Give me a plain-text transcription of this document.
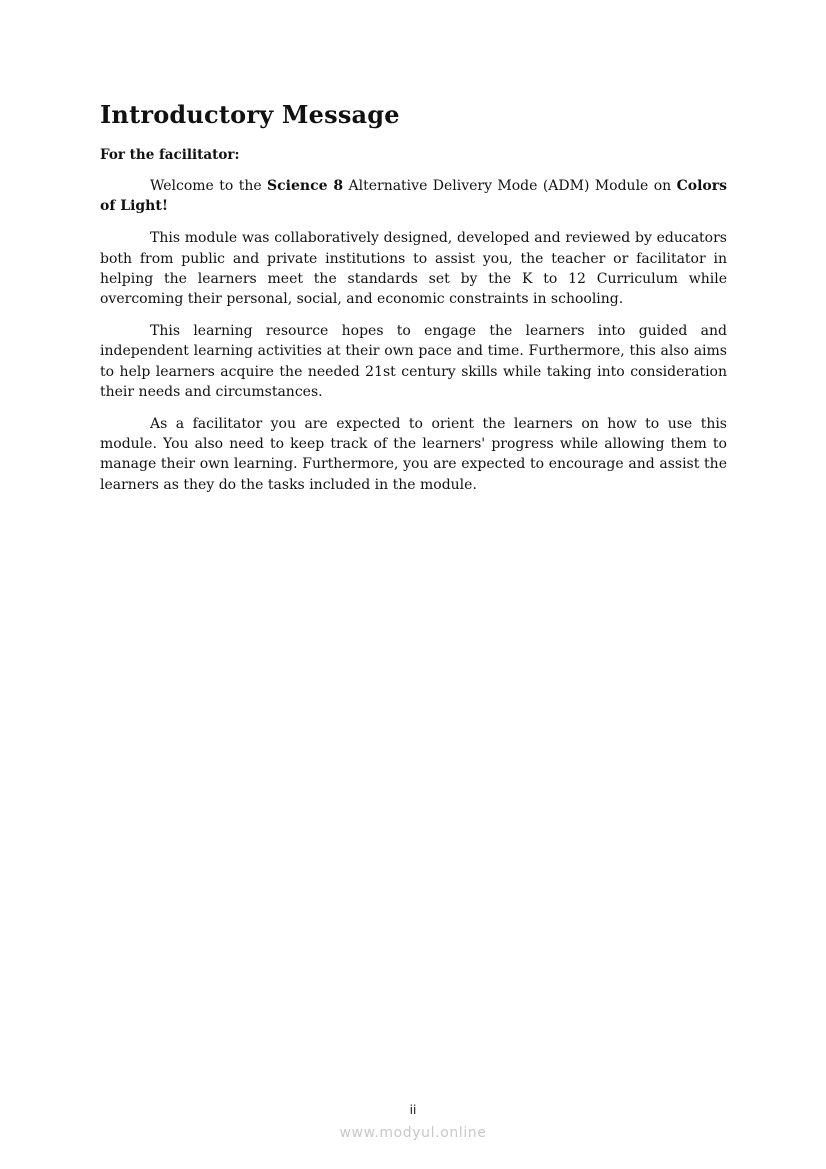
Introductory Message
For the facilitator:

Welcome to the Science 8 Alternative Delivery Mode (ADM) Module on Colors of Light!

This module was collaboratively designed, developed and reviewed by educators both from public and private institutions to assist you, the teacher or facilitator in helping the learners meet the standards set by the K to 12 Curriculum while overcoming their personal, social, and economic constraints in schooling.

This learning resource hopes to engage the learners into guided and independent learning activities at their own pace and time. Furthermore, this also aims to help learners acquire the needed 21st century skills while taking into consideration their needs and circumstances.

As a facilitator you are expected to orient the learners on how to use this module. You also need to keep track of the learners' progress while allowing them to manage their own learning. Furthermore, you are expected to encourage and assist the learners as they do the tasks included in the module.

ii
www.modyul.online
